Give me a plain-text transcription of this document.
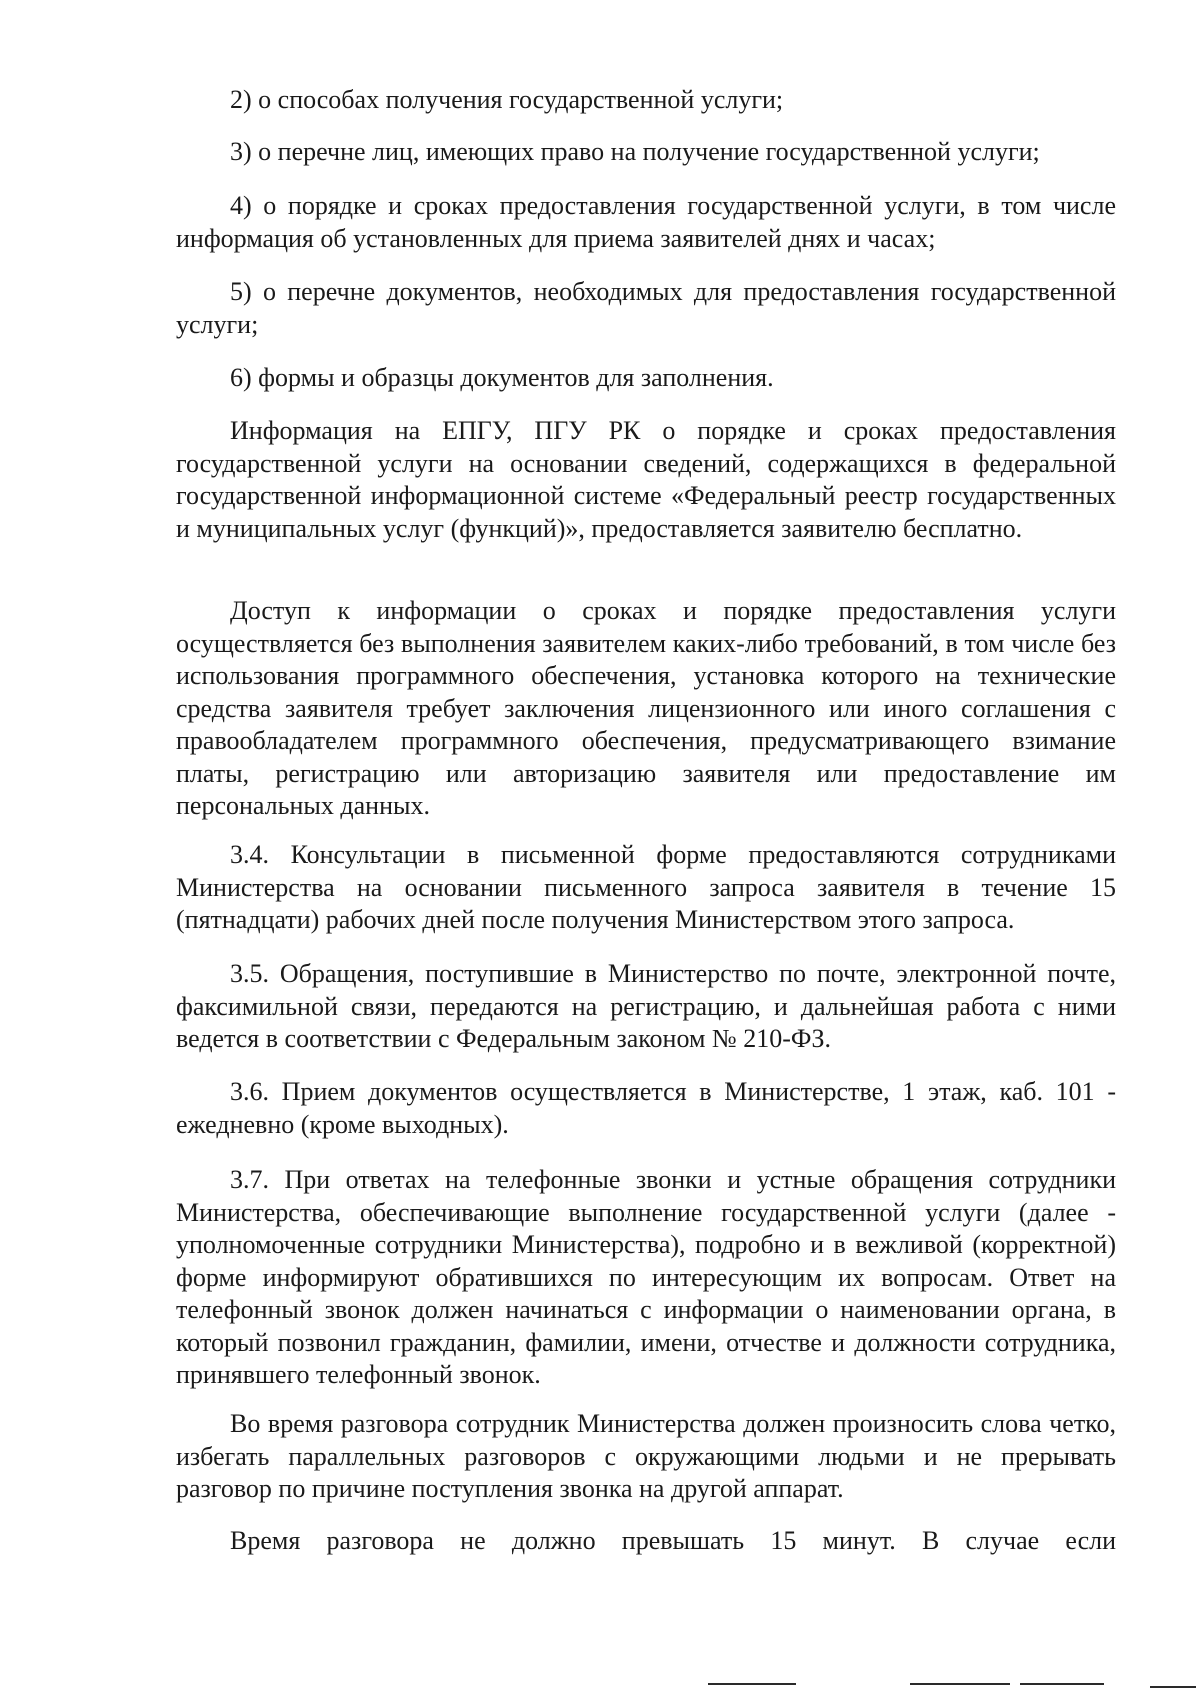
2) о способах получения государственной услуги;

3) о перечне лиц, имеющих право на получение государственной услуги;

4) о порядке и сроках предоставления государственной услуги, в том числе информация об установленных для приема заявителей днях и часах;

5) о перечне документов, необходимых для предоставления государственной услуги;

6) формы и образцы документов для заполнения.

Информация на ЕПГУ, ПГУ РК о порядке и сроках предоставления государственной услуги на основании сведений, содержащихся в федеральной государственной информационной системе «Федеральный реестр государственных и муниципальных услуг (функций)», предоставляется заявителю бесплатно.

Доступ к информации о сроках и порядке предоставления услуги осуществляется без выполнения заявителем каких-либо требований, в том числе без использования программного обеспечения, установка которого на технические средства заявителя требует заключения лицензионного или иного соглашения с правообладателем программного обеспечения, предусматривающего взимание платы, регистрацию или авторизацию заявителя или предоставление им персональных данных.

3.4. Консультации в письменной форме предоставляются сотрудниками Министерства на основании письменного запроса заявителя в течение 15 (пятнадцати) рабочих дней после получения Министерством этого запроса.

3.5. Обращения, поступившие в Министерство по почте, электронной почте, факсимильной связи, передаются на регистрацию, и дальнейшая работа с ними ведется в соответствии с Федеральным законом № 210-ФЗ.

3.6. Прием документов осуществляется в Министерстве, 1 этаж, каб. 101 - ежедневно (кроме выходных).

3.7. При ответах на телефонные звонки и устные обращения сотрудники Министерства, обеспечивающие выполнение государственной услуги (далее - уполномоченные сотрудники Министерства), подробно и в вежливой (корректной) форме информируют обратившихся по интересующим их вопросам. Ответ на телефонный звонок должен начинаться с информации о наименовании органа, в который позвонил гражданин, фамилии, имени, отчестве и должности сотрудника, принявшего телефонный звонок.

Во время разговора сотрудник Министерства должен произносить слова четко, избегать параллельных разговоров с окружающими людьми и не прерывать разговор по причине поступления звонка на другой аппарат.

Время разговора не должно превышать 15 минут. В случае если
